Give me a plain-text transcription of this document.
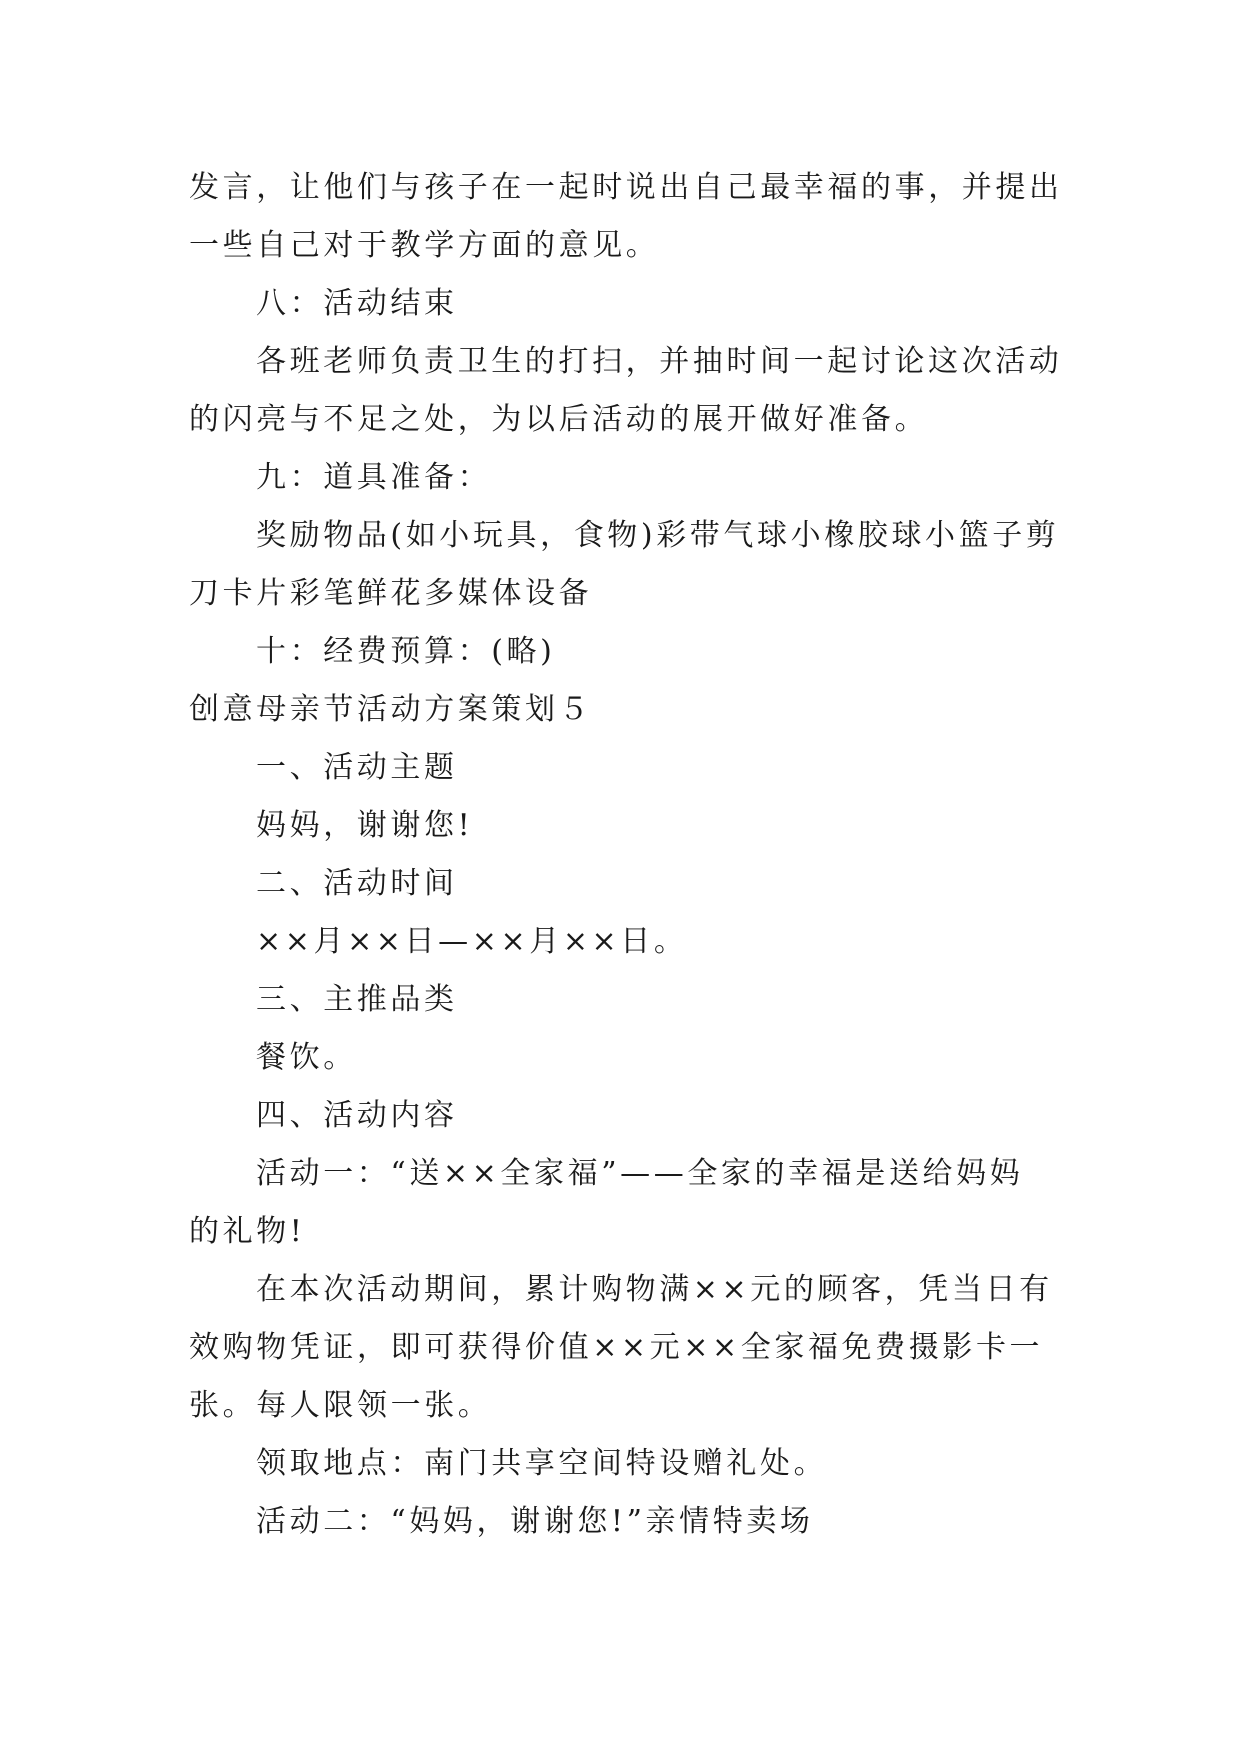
发言，让他们与孩子在一起时说出自己最幸福的事，并提出
一些自己对于教学方面的意见。
八：活动结束
各班老师负责卫生的打扫，并抽时间一起讨论这次活动
的闪亮与不足之处，为以后活动的展开做好准备。
九：道具准备：
奖励物品(如小玩具，食物)彩带气球小橡胶球小篮子剪
刀卡片彩笔鲜花多媒体设备
十：经费预算：(略)
创意母亲节活动方案策划５
一、活动主题
妈妈，谢谢您!
二、活动时间
××月××日—××月××日。
三、主推品类
餐饮。
四、活动内容
活动一：“送××全家福”——全家的幸福是送给妈妈
的礼物!
在本次活动期间，累计购物满××元的顾客，凭当日有
效购物凭证，即可获得价值××元××全家福免费摄影卡一
张。每人限领一张。
领取地点：南门共享空间特设赠礼处。
活动二：“妈妈，谢谢您!”亲情特卖场
